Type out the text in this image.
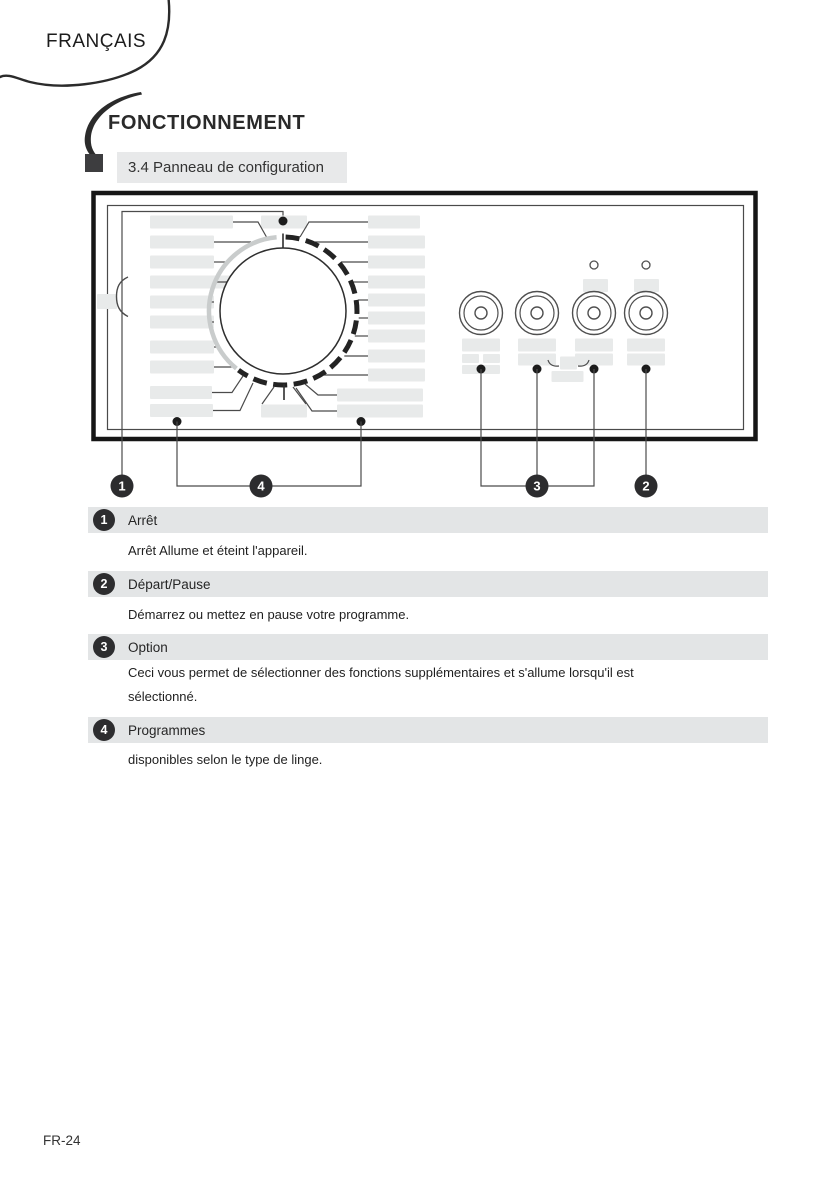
FRANÇAIS
FONCTIONNEMENT
3.4 Panneau de configuration
1	4	3	2
1	Arrêt
Arrêt Allume et éteint l'appareil.
2	Départ/Pause
Démarrez ou mettez en pause votre programme.
3	Option
Ceci vous permet de sélectionner des fonctions supplémentaires et s'allume lorsqu'il est sélectionné.
4	Programmes
disponibles selon le type de linge.
FR-24
